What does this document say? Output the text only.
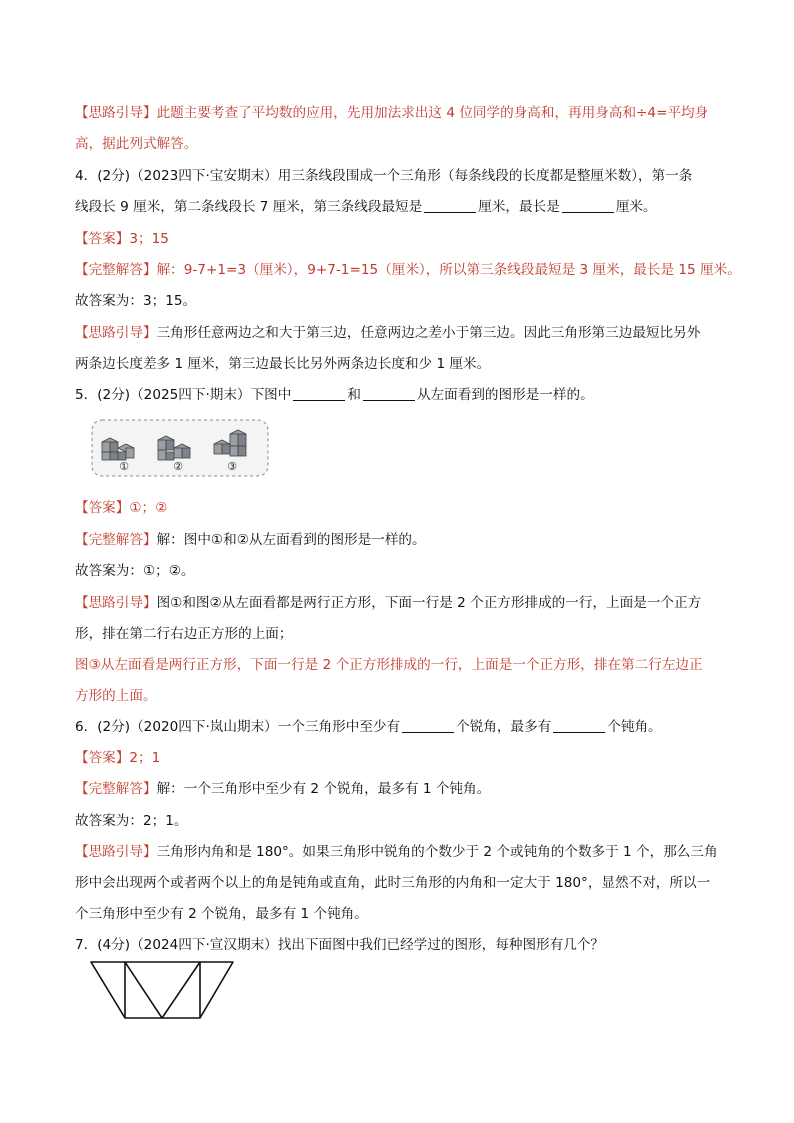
【思路引导】此题主要考查了平均数的应用，先用加法求出这 4 位同学的身高和，再用身高和÷4=平均身
高，据此列式解答。
4．(2分)（2023四下·宝安期末）用三条线段围成一个三角形（每条线段的长度都是整厘米数），第一条
线段长 9 厘米，第二条线段长 7 厘米，第三条线段最短是	厘米，最长是	厘米。
【答案】3；15
【完整解答】解：9-7+1=3（厘米），9+7-1=15（厘米），所以第三条线段最短是 3 厘米，最长是 15 厘米。
故答案为：3；15。
【思路引导】三角形任意两边之和大于第三边，任意两边之差小于第三边。因此三角形第三边最短比另外
两条边长度差多 1 厘米，第三边最长比另外两条边长度和少 1 厘米。
5．(2分)（2025四下·期末）下图中	和	从左面看到的图形是一样的。
①	②	③
【答案】①；②
【完整解答】解：图中①和②从左面看到的图形是一样的。
故答案为：①；②。
【思路引导】图①和图②从左面看都是两行正方形，下面一行是 2 个正方形排成的一行，上面是一个正方
形，排在第二行右边正方形的上面；
图③从左面看是两行正方形，下面一行是 2 个正方形排成的一行，上面是一个正方形，排在第二行左边正
方形的上面。
6．(2分)（2020四下·岚山期末）一个三角形中至少有	个锐角，最多有	个钝角。
【答案】2；1
【完整解答】解：一个三角形中至少有 2 个锐角，最多有 1 个钝角。
故答案为：2；1。
【思路引导】三角形内角和是 180°。如果三角形中锐角的个数少于 2 个或钝角的个数多于 1 个，那么三角
形中会出现两个或者两个以上的角是钝角或直角，此时三角形的内角和一定大于 180°，显然不对，所以一
个三角形中至少有 2 个锐角，最多有 1 个钝角。
7．(4分)（2024四下·宣汉期末）找出下面图中我们已经学过的图形，每种图形有几个？
